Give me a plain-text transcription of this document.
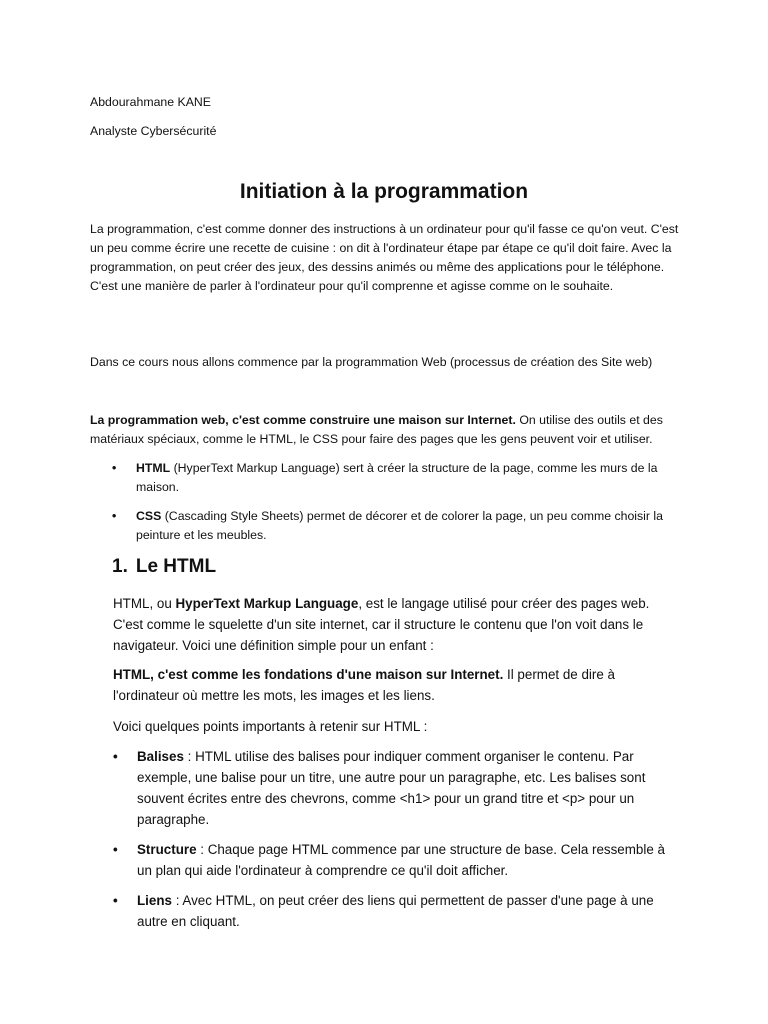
Abdourahmane KANE

Analyste Cybersécurité

Initiation à la programmation

La programmation, c'est comme donner des instructions à un ordinateur pour qu'il fasse ce qu'on veut. C'est un peu comme écrire une recette de cuisine : on dit à l'ordinateur étape par étape ce qu'il doit faire. Avec la programmation, on peut créer des jeux, des dessins animés ou même des applications pour le téléphone. C'est une manière de parler à l'ordinateur pour qu'il comprenne et agisse comme on le souhaite.

Dans ce cours nous allons commence par la programmation Web (processus de création des Site web)

La programmation web, c'est comme construire une maison sur Internet. On utilise des outils et des matériaux spéciaux, comme le HTML, le CSS pour faire des pages que les gens peuvent voir et utiliser.

• HTML (HyperText Markup Language) sert à créer la structure de la page, comme les murs de la maison.
• CSS (Cascading Style Sheets) permet de décorer et de colorer la page, un peu comme choisir la peinture et les meubles.
1. Le HTML

HTML, ou HyperText Markup Language, est le langage utilisé pour créer des pages web. C'est comme le squelette d'un site internet, car il structure le contenu que l'on voit dans le navigateur. Voici une définition simple pour un enfant :

HTML, c'est comme les fondations d'une maison sur Internet. Il permet de dire à l'ordinateur où mettre les mots, les images et les liens.

Voici quelques points importants à retenir sur HTML :

• Balises : HTML utilise des balises pour indiquer comment organiser le contenu. Par exemple, une balise pour un titre, une autre pour un paragraphe, etc. Les balises sont souvent écrites entre des chevrons, comme <h1> pour un grand titre et <p> pour un paragraphe.
• Structure : Chaque page HTML commence par une structure de base. Cela ressemble à un plan qui aide l'ordinateur à comprendre ce qu'il doit afficher.
• Liens : Avec HTML, on peut créer des liens qui permettent de passer d'une page à une autre en cliquant.
